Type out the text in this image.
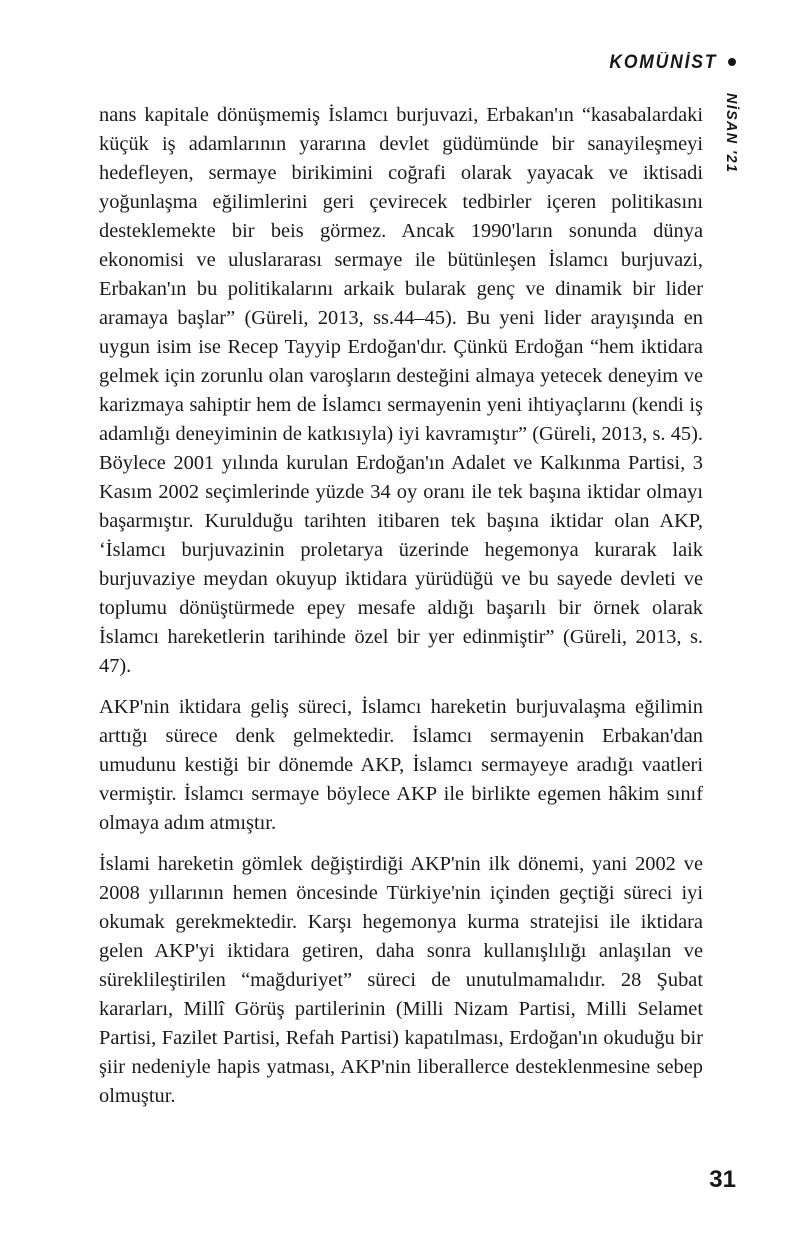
KOMÜNİST
NİSAN '21

nans kapitale dönüşmemiş İslamcı burjuvazi, Erbakan'ın “kasabalardaki küçük iş adamlarının yararına devlet güdümünde bir sanayileşmeyi hedefleyen, sermaye birikimini coğrafi olarak yayacak ve iktisadi yoğunlaşma eğilimlerini geri çevirecek tedbirler içeren politikasını desteklemekte bir beis görmez. Ancak 1990'ların sonunda dünya ekonomisi ve uluslararası sermaye ile bütünleşen İslamcı burjuvazi, Erbakan'ın bu politikalarını arkaik bularak genç ve dinamik bir lider aramaya başlar” (Güreli, 2013, ss.44–45). Bu yeni lider arayışında en uygun isim ise Recep Tayyip Erdoğan'dır. Çünkü Erdoğan “hem iktidara gelmek için zorunlu olan varoşların desteğini almaya yetecek deneyim ve karizmaya sahiptir hem de İslamcı sermayenin yeni ihtiyaçlarını (kendi iş adamlığı deneyiminin de katkısıyla) iyi kavramıştır” (Güreli, 2013, s. 45). Böylece 2001 yılında kurulan Erdoğan'ın Adalet ve Kalkınma Partisi, 3 Kasım 2002 seçimlerinde yüzde 34 oy oranı ile tek başına iktidar olmayı başarmıştır. Kurulduğu tarihten itibaren tek başına iktidar olan AKP, ‘İslamcı burjuvazinin proletarya üzerinde hegemonya kurarak laik burjuvaziye meydan okuyup iktidara yürüdüğü ve bu sayede devleti ve toplumu dönüştürmede epey mesafe aldığı başarılı bir örnek olarak İslamcı hareketlerin tarihinde özel bir yer edinmiştir” (Güreli, 2013, s. 47).

AKP'nin iktidara geliş süreci, İslamcı hareketin burjuvalaşma eğilimin arttığı sürece denk gelmektedir. İslamcı sermayenin Erbakan'dan umudunu kestiği bir dönemde AKP, İslamcı sermayeye aradığı vaatleri vermiştir. İslamcı sermaye böylece AKP ile birlikte egemen hâkim sınıf olmaya adım atmıştır.

İslami hareketin gömlek değiştirdiği AKP'nin ilk dönemi, yani 2002 ve 2008 yıllarının hemen öncesinde Türkiye'nin içinden geçtiği süreci iyi okumak gerekmektedir. Karşı hegemonya kurma stratejisi ile iktidara gelen AKP'yi iktidara getiren, daha sonra kullanışlılığı anlaşılan ve süreklileştirilen “mağduriyet” süreci de unutulmamalıdır. 28 Şubat kararları, Millî Görüş partilerinin (Milli Nizam Partisi, Milli Selamet Partisi, Fazilet Partisi, Refah Partisi) kapatılması, Erdoğan'ın okuduğu bir şiir nedeniyle hapis yatması, AKP'nin liberallerce desteklenmesine sebep olmuştur.

31
